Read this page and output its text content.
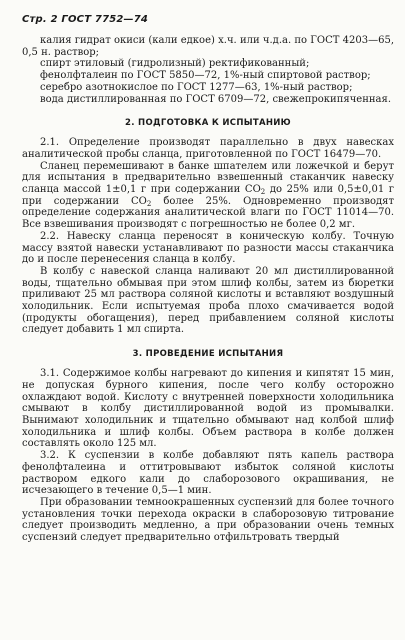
Стр. 2 ГОСТ 7752—74

калия гидрат окиси (кали едкое) х.ч. или ч.д.а. по ГОСТ 4203—65, 0,5 н. раствор;

спирт этиловый (гидролизный) ректификованный;

фенолфталеин по ГОСТ 5850—72, 1%-ный спиртовой раствор;

серебро азотнокислое по ГОСТ 1277—63, 1%-ный раствор;

вода дистиллированная по ГОСТ 6709—72, свежепрокипяченная.

2. ПОДГОТОВКА К ИСПЫТАНИЮ

2.1. Определение производят параллельно в двух навесках аналитической пробы сланца, приготовленной по ГОСТ 16479—70.

Сланец перемешивают в банке шпателем или ложечкой и берут для испытания в предварительно взвешенный стаканчик навеску сланца массой 1±0,1 г при содержании $CO_2$ до 25% или 0,5±0,01 г при содержании $CO_2$ более 25%. Одновременно производят определение содержания аналитической влаги по ГОСТ 11014—70. Все взвешивания производят с погрешностью не более 0,2 мг.

2.2. Навеску сланца переносят в коническую колбу. Точную массу взятой навески устанавливают по разности массы стаканчика до и после перенесения сланца в колбу.

В колбу с навеской сланца наливают 20 мл дистиллированной воды, тщательно обмывая при этом шлиф колбы, затем из бюретки приливают 25 мл раствора соляной кислоты и вставляют воздушный холодильник. Если испытуемая проба плохо смачивается водой (продукты обогащения), перед прибавлением соляной кислоты следует добавить 1 мл спирта.

3. ПРОВЕДЕНИЕ ИСПЫТАНИЯ

3.1. Содержимое колбы нагревают до кипения и кипятят 15 мин, не допуская бурного кипения, после чего колбу осторожно охлаждают водой. Кислоту с внутренней поверхности холодильника смывают в колбу дистиллированной водой из промывалки. Вынимают холодильник и тщательно обмывают над колбой шлиф холодильника и шлиф колбы. Объем раствора в колбе должен составлять около 125 мл.

3.2. К суспензии в колбе добавляют пять капель раствора фенолфталеина и оттитровывают избыток соляной кислоты раствором едкого кали до слаборозового окрашивания, не исчезающего в течение 0,5—1 мин.

При образовании темноокрашенных суспензий для более точного установления точки перехода окраски в слаборозовую титрование следует производить медленно, а при образовании очень темных суспензий следует предварительно отфильтровать твердый
